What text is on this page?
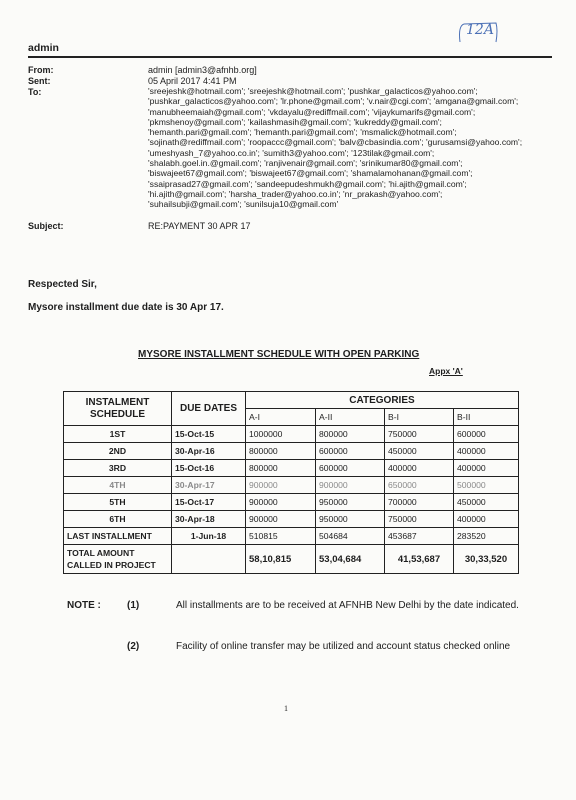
12A
admin
From:	admin [admin3@afnhb.org]
Sent:	05 April 2017 4:41 PM
To:	'sreejeshk@hotmail.com'; 'sreejeshk@hotmail.com'; 'pushkar_galacticos@yahoo.com'; 'pushkar_galacticos@yahoo.com'; 'lr.phone@gmail.com'; 'v.nair@cgi.com'; 'amgana@gmail.com'; 'manubheemaiah@gmail.com'; 'vkdayalu@rediffmail.com'; 'vijaykumarifs@gmail.com'; 'pkmshenoy@gmail.com'; 'kailashmasih@gmail.com'; 'kukreddy@gmail.com'; 'hemanth.pari@gmail.com'; 'hemanth.pari@gmail.com'; 'msmalick@hotmail.com'; 'sojinath@rediffmail.com'; 'roopaccc@gmail.com'; 'balv@cbasindia.com'; 'gurusamsi@yahoo.com'; 'umeshyash_7@yahoo.co.in'; 'sumith3@yahoo.com'; '123tilak@gmail.com'; 'shalabh.goel.in.@gmail.com'; 'ranjivenair@gmail.com'; 'srinikumar80@gmail.com'; 'biswajeet67@gmail.com'; 'biswajeet67@gmail.com'; 'shamalamohanan@gmail.com'; 'ssaiprasad27@gmail.com'; 'sandeepudeshmukh@gmail.com'; 'hi.ajith@gmail.com'; 'hi.ajith@gmail.com'; 'harsha_trader@yahoo.co.in'; 'nr_prakash@yahoo.com'; 'suhailsubji@gmail.com'; 'sunilsuja10@gmail.com'
Subject:	RE:PAYMENT 30 APR 17
Respected Sir,
Mysore installment due date is 30 Apr 17.
MYSORE INSTALLMENT SCHEDULE WITH OPEN PARKING
Appx 'A'
INSTALMENT SCHEDULE	DUE DATES	CATEGORIES			
		A-I	A-II	B-I	B-II
1ST	15-Oct-15	1000000	800000	750000	600000
2ND	30-Apr-16	800000	600000	450000	400000
3RD	15-Oct-16	800000	600000	400000	400000
4TH	30-Apr-17	900000	900000	650000	500000
5TH	15-Oct-17	900000	950000	700000	450000
6TH	30-Apr-18	900000	950000	750000	400000
LAST INSTALLMENT	1-Jun-18	510815	504684	453687	283520
TOTAL AMOUNT CALLED IN PROJECT		58,10,815	53,04,684	41,53,687	30,33,520
NOTE :	(1)	All installments are to be received at AFNHB New Delhi by the date indicated.
(2)	Facility of online transfer may be utilized and account status checked online
1
